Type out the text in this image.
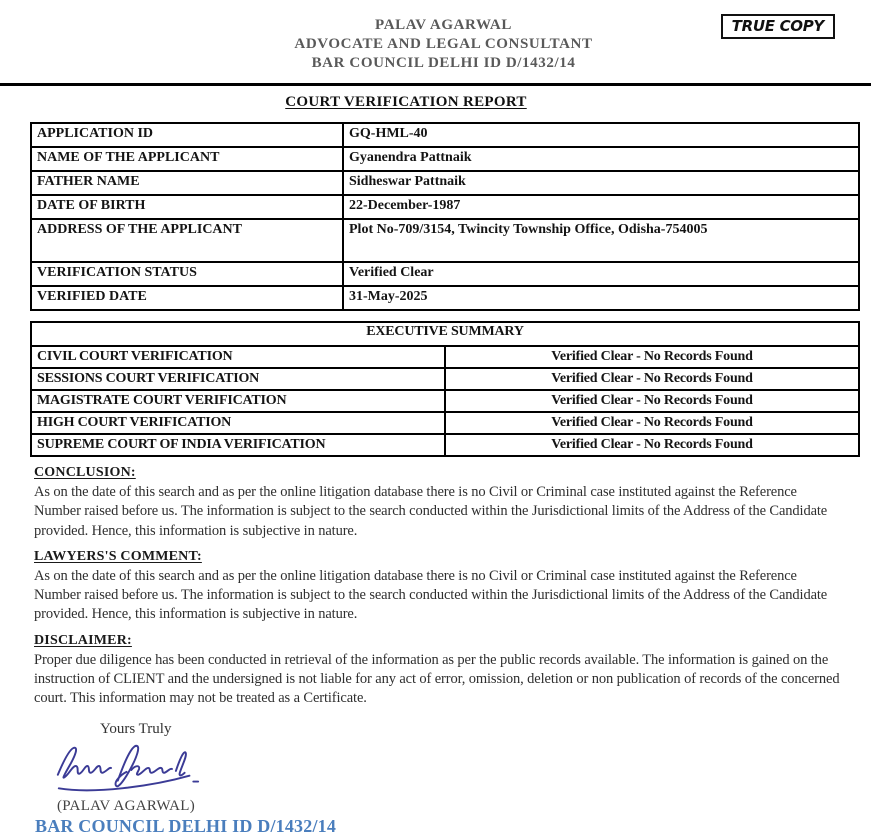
PALAV AGARWAL
ADVOCATE AND LEGAL CONSULTANT
BAR COUNCIL DELHI ID D/1432/14
TRUE COPY
COURT VERIFICATION REPORT
APPLICATION ID	GQ-HML-40
NAME OF THE APPLICANT	Gyanendra Pattnaik
FATHER NAME	Sidheswar Pattnaik
DATE OF BIRTH	22-December-1987
ADDRESS OF THE APPLICANT	Plot No-709/3154, Twincity Township Office, Odisha-754005
VERIFICATION STATUS	Verified Clear
VERIFIED DATE	31-May-2025
EXECUTIVE SUMMARY	
CIVIL COURT VERIFICATION	Verified Clear - No Records Found
SESSIONS COURT VERIFICATION	Verified Clear - No Records Found
MAGISTRATE COURT VERIFICATION	Verified Clear - No Records Found
HIGH COURT VERIFICATION	Verified Clear - No Records Found
SUPREME COURT OF INDIA VERIFICATION	Verified Clear - No Records Found
CONCLUSION:
As on the date of this search and as per the online litigation database there is no Civil or Criminal case instituted against the Reference Number raised before us. The information is subject to the search conducted within the Jurisdictional limits of the Address of the Candidate provided. Hence, this information is subjective in nature.
LAWYERS'S COMMENT:
As on the date of this search and as per the online litigation database there is no Civil or Criminal case instituted against the Reference Number raised before us. The information is subject to the search conducted within the Jurisdictional limits of the Address of the Candidate provided. Hence, this information is subjective in nature.
DISCLAIMER:
Proper due diligence has been conducted in retrieval of the information as per the public records available. The information is gained on the instruction of CLIENT and the undersigned is not liable for any act of error, omission, deletion or non publication of records of the concerned court. This information may not be treated as a Certificate.
Yours Truly
(PALAV AGARWAL)
BAR COUNCIL DELHI ID D/1432/14
